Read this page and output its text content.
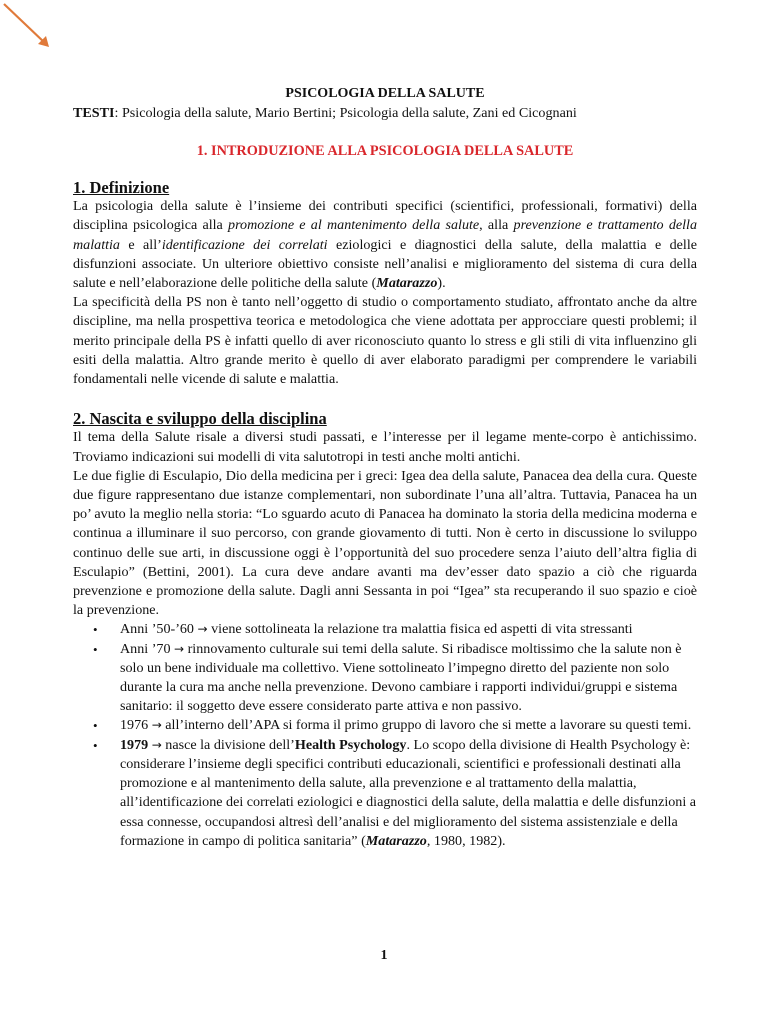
PSICOLOGIA DELLA SALUTE

TESTI: Psicologia della salute, Mario Bertini; Psicologia della salute, Zani ed Cicognani

1. INTRODUZIONE ALLA PSICOLOGIA DELLA SALUTE
1. Definizione

La psicologia della salute è l’insieme dei contributi specifici (scientifici, professionali, formativi) della disciplina psicologica alla promozione e al mantenimento della salute, alla prevenzione e trattamento della malattia e all’identificazione dei correlati eziologici e diagnostici della salute, della malattia e delle disfunzioni associate. Un ulteriore obiettivo consiste nell’analisi e miglioramento del sistema di cura della salute e nell’elaborazione delle politiche della salute (Matarazzo).

La specificità della PS non è tanto nell’oggetto di studio o comportamento studiato, affrontato anche da altre discipline, ma nella prospettiva teorica e metodologica che viene adottata per approcciare questi problemi; il merito principale della PS è infatti quello di aver riconosciuto quanto lo stress e gli stili di vita influenzino gli esiti della malattia. Altro grande merito è quello di aver elaborato paradigmi per comprendere le variabili fondamentali nelle vicende di salute e malattia.

2. Nascita e sviluppo della disciplina

Il tema della Salute risale a diversi studi passati, e l’interesse per il legame mente-corpo è antichissimo. Troviamo indicazioni sui modelli di vita salutotropi in testi anche molti antichi.

Le due figlie di Esculapio, Dio della medicina per i greci: Igea dea della salute, Panacea dea della cura. Queste due figure rappresentano due istanze complementari, non subordinate l’una all’altra. Tuttavia, Panacea ha un po’ avuto la meglio nella storia: “Lo sguardo acuto di Panacea ha dominato la storia della medicina moderna e continua a illuminare il suo percorso, con grande giovamento di tutti. Non è certo in discussione lo sviluppo continuo delle sue arti, in discussione oggi è l’opportunità del suo procedere senza l’aiuto dell’altra figlia di Esculapio” (Bettini, 2001). La cura deve andare avanti ma dev’esser dato spazio a ciò che riguarda prevenzione e promozione della salute. Dagli anni Sessanta in poi “Igea” sta recuperando il suo spazio e cioè la prevenzione.

• Anni ’50-’60 → viene sottolineata la relazione tra malattia fisica ed aspetti di vita stressanti
• Anni ’70 → rinnovamento culturale sui temi della salute. Si ribadisce moltissimo che la salute non è solo un bene individuale ma collettivo. Viene sottolineato l’impegno diretto del paziente non solo durante la cura ma anche nella prevenzione. Devono cambiare i rapporti individui/gruppi e sistema sanitario: il soggetto deve essere considerato parte attiva e non passivo.
• 1976 → all’interno dell’APA si forma il primo gruppo di lavoro che si mette a lavorare su questi temi.
• 1979 → nasce la divisione dell’Health Psychology. Lo scopo della divisione di Health Psychology è: considerare l’insieme degli specifici contributi educazionali, scientifici e professionali destinati alla promozione e al mantenimento della salute, alla prevenzione e al trattamento della malattia, all’identificazione dei correlati eziologici e diagnostici della salute, della malattia e delle disfunzioni a essa connesse, occupandosi altresì dell’analisi e del miglioramento del sistema assistenziale e della formazione in campo di politica sanitaria” (Matarazzo, 1980, 1982).
1
